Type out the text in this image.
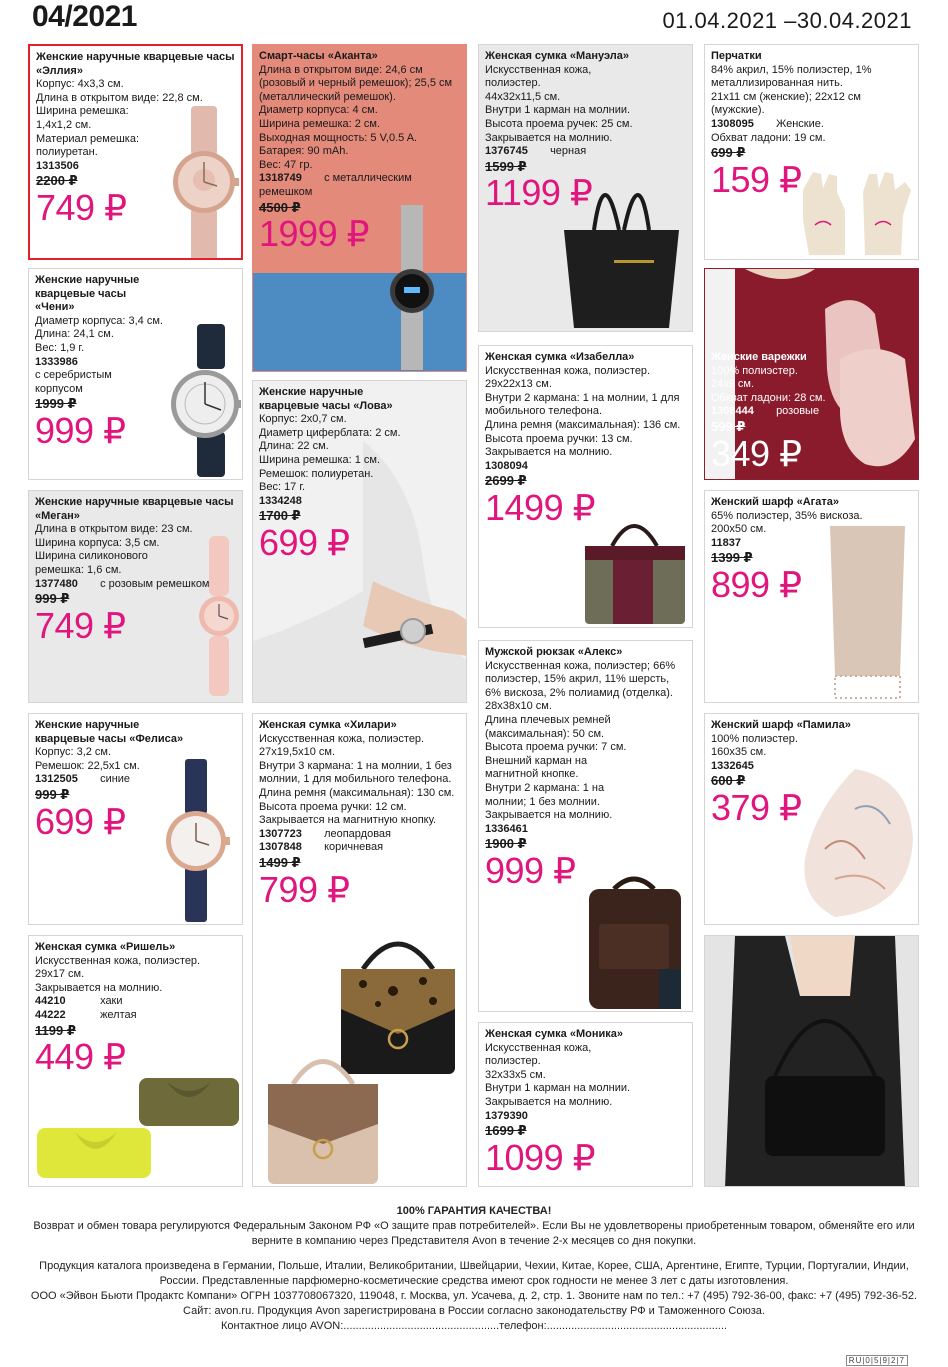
04/2021	01.04.2021 –30.04.2021
Женские наручные кварцевые часы «Эллия»
Корпус: 4х3,3 см.
Длина в открытом виде: 22,8 см.
Ширина ремешка: 1,4х1,2 см.
Материал ремешка: полиуретан.
1313506
2200 ₽
749 ₽
Женские наручные кварцевые часы «Чени»
Диаметр корпуса: 3,4 см.
Длина: 24,1 см.
Вес: 1,9 г.
1333986
с серебристым корпусом
1999 ₽
999 ₽
Женские наручные кварцевые часы «Меган»
Длина в открытом виде: 23 см.
Ширина корпуса: 3,5 см.
Ширина силиконового ремешка: 1,6 см.
1377480 с розовым ремешком
999 ₽
749 ₽
Женские наручные кварцевые часы «Фелиса»
Корпус: 3,2 см.
Ремешок: 22,5х1 см.
1312505 синие
999 ₽
699 ₽
Женская сумка «Ришель»
Искусственная кожа, полиэстер.
29х17 см.
Закрывается на молнию.
44210	хаки
44222	желтая
1199 ₽
449 ₽
Смарт-часы «Аканта»
Длина в открытом виде: 24,6 см (розовый и черный ремешок); 25,5 см (металлический ремешок).
Диаметр корпуса: 4 см.
Ширина ремешка: 2 см.
Выходная мощность: 5 V,0.5 A.
Батарея: 90 mAh.
Вес: 47 гр.
1318749 с металлическим ремешком
4500 ₽
1999 ₽
Женские наручные кварцевые часы «Лова»
Корпус: 2х0,7 см.
Диаметр циферблата: 2 см.
Длина: 22 см.
Ширина ремешка: 1 см.
Ремешок: полиуретан.
Вес: 17 г.
1334248
1700 ₽
699 ₽
Женская сумка «Хилари»
Искусственная кожа, полиэстер.
27х19,5х10 см.
Внутри 3 кармана: 1 на молнии, 1 без молнии, 1 для мобильного телефона.
Длина ремня (максимальная): 130 см.
Высота проема ручки: 12 см.
Закрывается на магнитную кнопку.
1307723 леопардовая
1307848 коричневая
1499 ₽
799 ₽
Женская сумка «Мануэла»
Искусственная кожа, полиэстер.
44х32х11,5 см.
Внутри 1 карман на молнии.
Высота проема ручек: 25 см.
Закрывается на молнию.
1376745 черная
1599 ₽
1199 ₽
Женская сумка «Изабелла»
Искусственная кожа, полиэстер.
29х22х13 см.
Внутри 2 кармана: 1 на молнии, 1 для мобильного телефона.
Длина ремня (максимальная): 136 см.
Высота проема ручки: 13 см.
Закрывается на молнию.
1308094
2699 ₽
1499 ₽
Мужской рюкзак «Алекс»
Искусственная кожа, полиэстер; 66% полиэстер, 15% акрил, 11% шерсть, 6% вискоза, 2% полиамид (отделка).
28х38х10 см.
Длина плечевых ремней (максимальная): 50 см.
Высота проема ручки: 7 см.
Внешний карман на магнитной кнопке.
Внутри 2 кармана: 1 на молнии; 1 без молнии.
Закрывается на молнию.
1336461
1900 ₽
999 ₽
Женская сумка «Моника»
Искусственная кожа, полиэстер.
32х33х5 см.
Внутри 1 карман на молнии.
Закрывается на молнию.
1379390
1699 ₽
1099 ₽
Перчатки
84% акрил, 15% полиэстер, 1% металлизированная нить.
21х11 см (женские); 22х12 см (мужские).
1308095 Женские.
Обхват ладони: 19 см.
699 ₽
159 ₽
Женские варежки
100% полиэстер.
24х9 см.
Обхват ладони: 28 см.
1308444 розовые
599 ₽
349 ₽
Женский шарф «Агата»
65% полиэстер, 35% вискоза.
200х50 см.
11837
1399 ₽
899 ₽
Женский шарф «Памила»
100% полиэстер.
160х35 см.
1332645
600 ₽
379 ₽
100% ГАРАНТИЯ КАЧЕСТВА!
Возврат и обмен товара регулируются Федеральным Законом РФ «О защите прав потребителей». Если Вы не удовлетворены приобретенным товаром, обменяйте его или верните в компанию через Представителя Avon в течение 2-х месяцев со дня покупки.
Продукция каталога произведена в Германии, Польше, Италии, Великобритании, Швейцарии, Чехии, Китае, Корее, США, Аргентине, Египте, Турции, Португалии, Индии, России. Представленные парфюмерно-косметические средства имеют срок годности не менее 3 лет с даты изготовления.
ООО «Эйвон Бьюти Продактс Компани» ОГРН 1037708067320, 119048, г. Москва, ул. Усачева, д. 2, стр. 1. Звоните нам по тел.: +7 (495) 792-36-00, факс: +7 (495) 792-36-52. Сайт: avon.ru. Продукция Avon зарегистрирована в России согласно законодательству РФ и Таможенного Союза.
Контактное лицо AVON:...................................................телефон:...........................................................
RU|0|5|9|2|7
